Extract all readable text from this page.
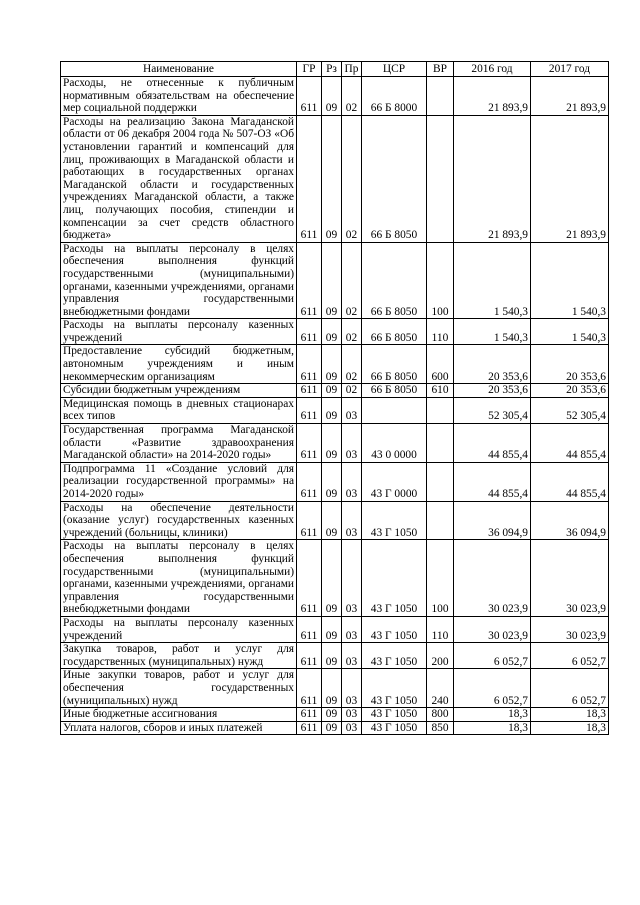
Наименование	ГР	Рз	Пр	ЦСР	ВР	2016 год	2017 год
Расходы, не отнесенные к публичным нормативным обязательствам на обеспечение мер социальной поддержки	611	09	02	66 Б 8000		21 893,9	21 893,9
Расходы на реализацию Закона Магаданской области от 06 декабря 2004 года № 507-ОЗ «Об установлении гарантий и компенсаций для лиц, проживающих в Магаданской области и работающих в государственных органах Магаданской области и государственных учреждениях Магаданской области, а также лиц, получающих пособия, стипендии и компенсации за счет средств областного бюджета»	611	09	02	66 Б 8050		21 893,9	21 893,9
Расходы на выплаты персоналу в целях обеспечения выполнения функций государственными (муниципальными) органами, казенными учреждениями, органами управления государственными внебюджетными фондами	611	09	02	66 Б 8050	100	1 540,3	1 540,3
Расходы на выплаты персоналу казенных учреждений	611	09	02	66 Б 8050	110	1 540,3	1 540,3
Предоставление субсидий бюджетным, автономным учреждениям и иным некоммерческим организациям	611	09	02	66 Б 8050	600	20 353,6	20 353,6
Субсидии бюджетным учреждениям	611	09	02	66 Б 8050	610	20 353,6	20 353,6
Медицинская помощь в дневных стационарах всех типов	611	09	03			52 305,4	52 305,4
Государственная программа Магаданской области «Развитие здравоохранения Магаданской области» на 2014-2020 годы»	611	09	03	43 0 0000		44 855,4	44 855,4
Подпрограмма 11 «Создание условий для реализации государственной программы» на 2014-2020 годы»	611	09	03	43 Г 0000		44 855,4	44 855,4
Расходы на обеспечение деятельности (оказание услуг) государственных казенных учреждений (больницы, клиники)	611	09	03	43 Г 1050		36 094,9	36 094,9
Расходы на выплаты персоналу в целях обеспечения выполнения функций государственными (муниципальными) органами, казенными учреждениями, органами управления государственными внебюджетными фондами	611	09	03	43 Г 1050	100	30 023,9	30 023,9
Расходы на выплаты персоналу казенных учреждений	611	09	03	43 Г 1050	110	30 023,9	30 023,9
Закупка товаров, работ и услуг для государственных (муниципальных) нужд	611	09	03	43 Г 1050	200	6 052,7	6 052,7
Иные закупки товаров, работ и услуг для обеспечения государственных (муниципальных) нужд	611	09	03	43 Г 1050	240	6 052,7	6 052,7
Иные бюджетные ассигнования	611	09	03	43 Г 1050	800	18,3	18,3
Уплата налогов, сборов и иных платежей	611	09	03	43 Г 1050	850	18,3	18,3
